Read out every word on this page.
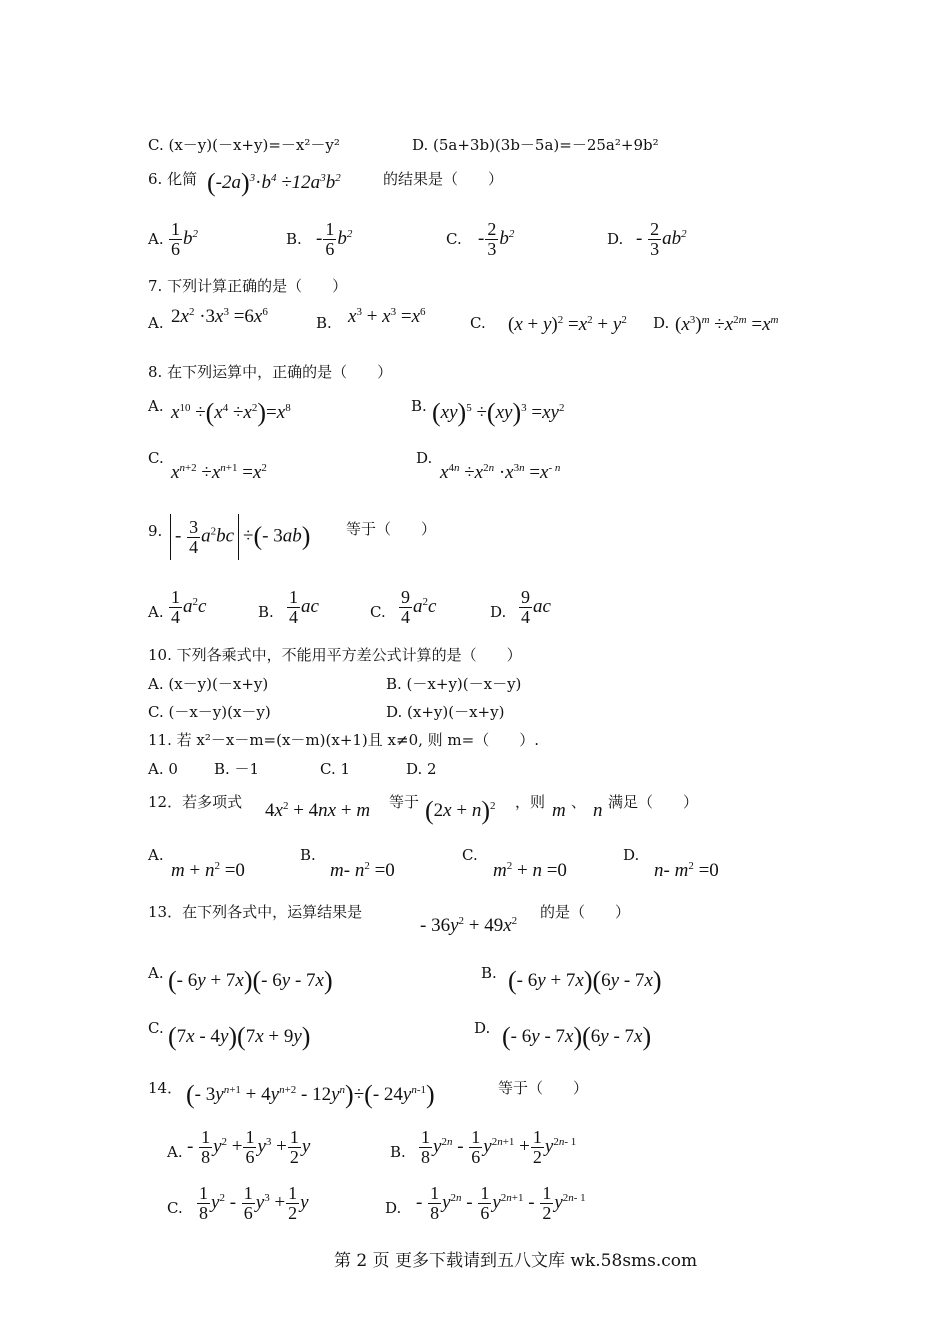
C. (x－y)(－x+y)=－x²－y²	D. (5a+3b)(3b－5a)=－25a²+9b²
6. 化简 $(-2a)^3\cdot b^4 \div 12a^3b^2$	的结果是（　　）
A. $\frac{1}{6} b^2$	B. - $\frac{1}{6} b^2$	C. - $\frac{2}{3} b^2$	D. - $\frac{2}{3} ab^2$
7. 下列计算正确的是（　　）
A. $2x^2 \cdot 3x^3 =6x^6$
B. $x^3 + x^3 =x^6$
C. $(x + y)^2 =x^2 + y^2$ D. $(x^3)^m \div x^{2m} =x^m$
8. 在下列运算中，正确的是（　　）
A. $x^{10} \div(x^4 \div x^2)=x^8$	B. $(xy)^5 \div(xy)^3 =xy^2$
C.
$x^{n+2} \div x^{n+1} =x^2$
D.
$x^{4n} \div x^{2n} \cdot x^{3n} =x^{- n}$
9. - $\frac{3}{4} a^2bc$ ÷(- 3ab) 等于（　　）
A. $\frac{1}{4} a^2c$	B. $\frac{1}{4}$ ac	C. $\frac{9}{4} a^2c$	D. $\frac{9}{4}$ ac
10. 下列各乘式中，不能用平方差公式计算的是（　　）
A. (x－y)(－x+y)	B. (－x+y)(－x－y)
C. (－x－y)(x－y)	D. (x+y)(－x+y)
11. 若 x²－x－m=(x－m)(x+1)且 x≠0, 则 m=（　　）.
A. 0 B. －1	C. 1	D. 2
12．若多项式 $4x^2 + 4nx + m$ 等于 $(2x + n)^2$ ，则 m 、 n 满足（　　）
A.
$m + n^2 =0$
B.
m- $n^2 =0$
C.
$m^2 + n =0$
D.
n- $m^2 =0$
13．在下列各式中，运算结果是
- $36y^2 + 49x^2$
的是（　　）
A. (- 6y + 7x)(- 6y - 7x)	B. (- 6y + 7x)(6y - 7x)
C. (7x - 4y)(7x + 9y)	D. (- 6y - 7x)(6y - 7x)
14． (- $3y^{n+1} + 4y^{n+2} - 12y^n)\div(-$ $24y^{n-1}$)	等于（　　）
A. - $\frac{1}{8} y^2 + \frac{1}{6} y^3 + \frac{1}{2}$ y	B. $\frac{1}{8} y^{2n} - \frac{1}{6} y^{2n+1} + \frac{1}{2} y^{2n- 1}$
C. $\frac{1}{8} y^2 - \frac{1}{6} y^3 + \frac{1}{2}$ y	D. - $\frac{1}{8} y^{2n} - \frac{1}{6} y^{2n+1} - \frac{1}{2} y^{2n- 1}$
第 2 页 更多下载请到五八文库 wk.58sms.com
